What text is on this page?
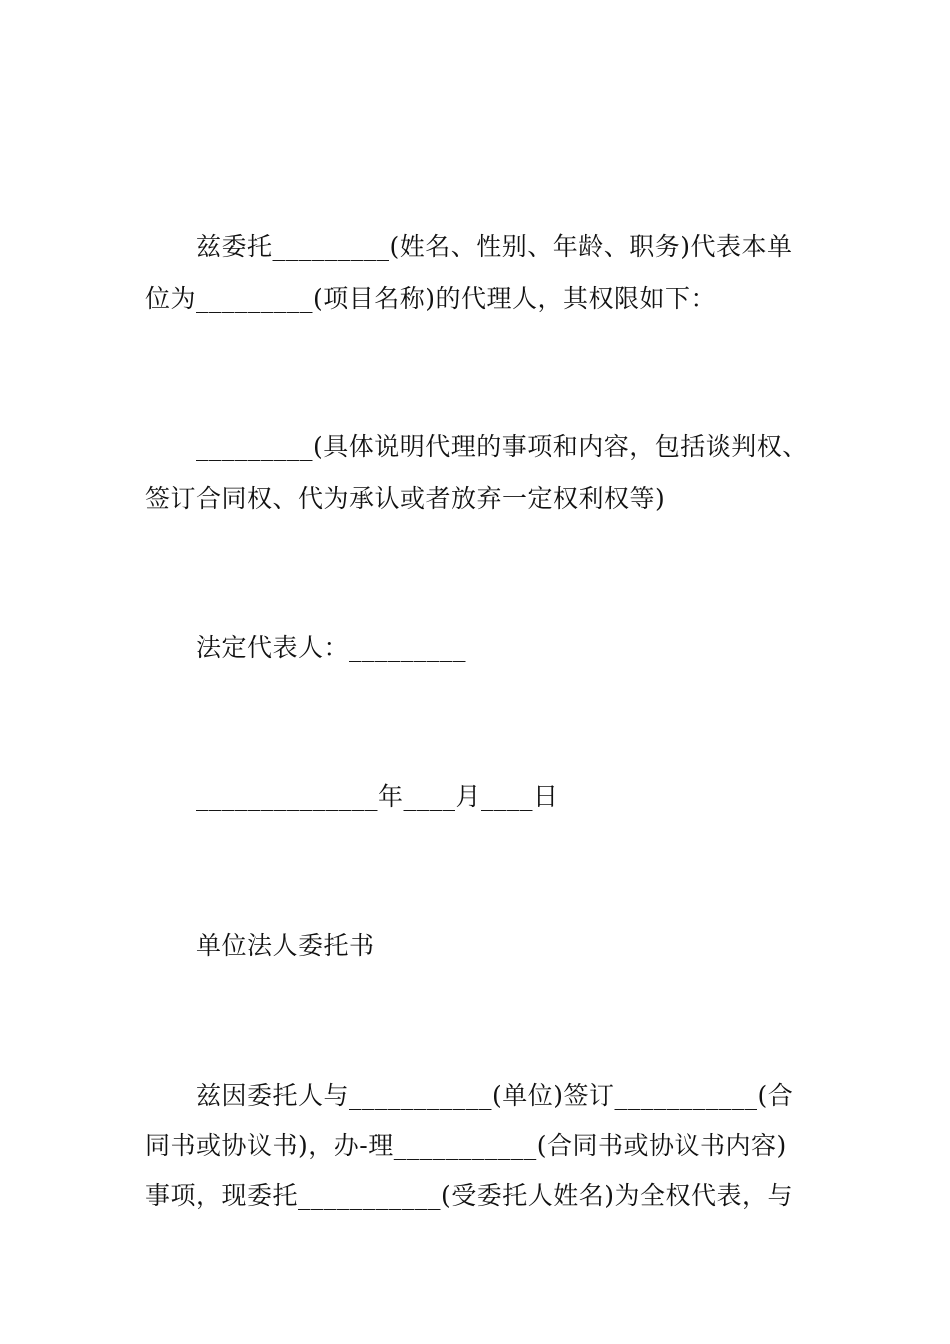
兹委托_________(姓名、性别、年龄、职务)代表本单
位为_________(项目名称)的代理人，其权限如下：
_________(具体说明代理的事项和内容，包括谈判权、
签订合同权、代为承认或者放弃一定权利权等)
法定代表人：_________
______________年____月____日
单位法人委托书
兹因委托人与___________(单位)签订___________(合
同书或协议书)，办-理___________(合同书或协议书内容)
事项，现委托___________(受委托人姓名)为全权代表，与
